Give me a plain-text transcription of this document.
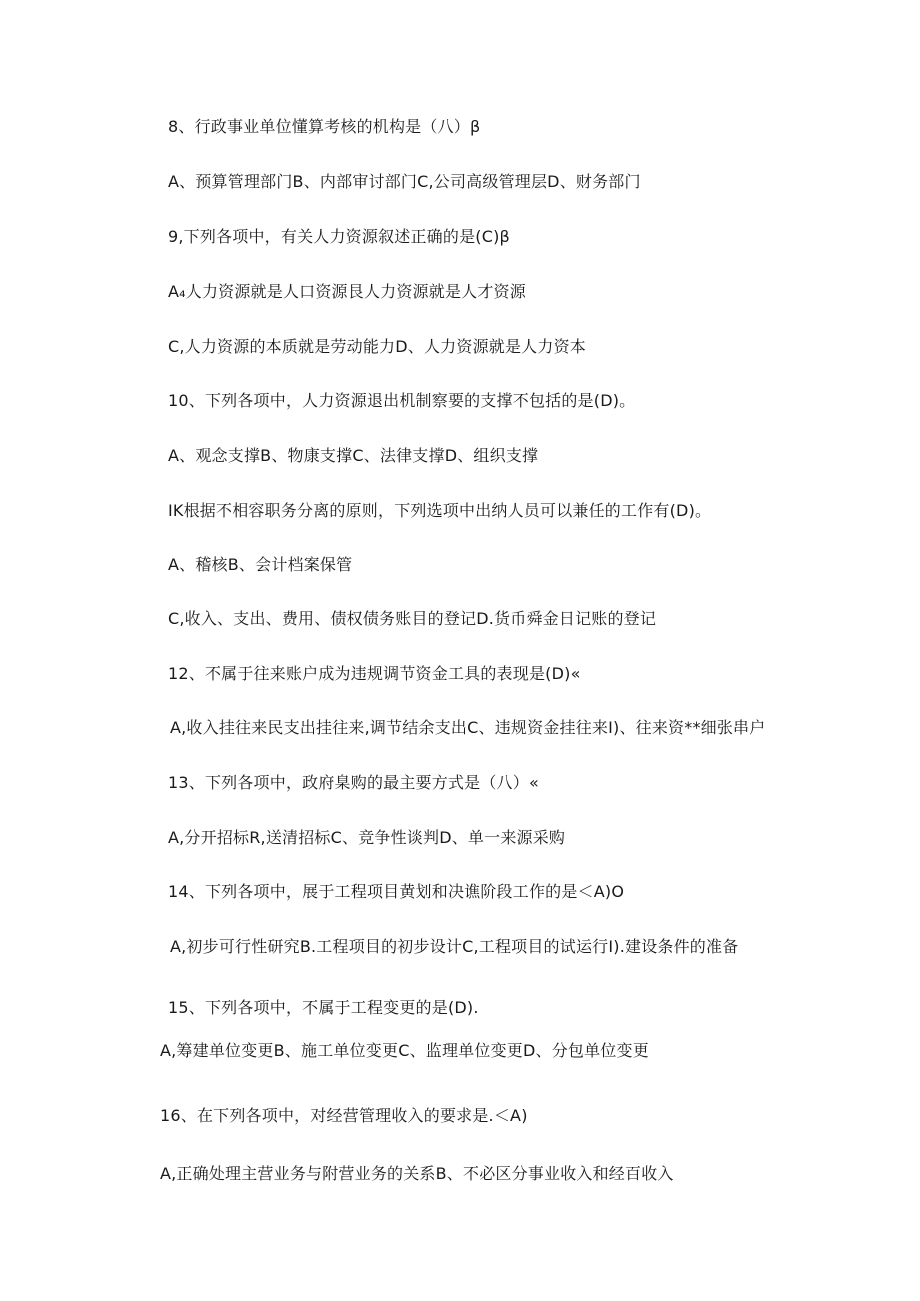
8、行政事业单位懂算考核的机构是（八）β
A、预算管理部门B、内部审讨部门C,公司高级管理层D、财务部门
9,下列各项中，有关人力资源叙述正确的是(C)β
A₄人力资源就是人口资源艮人力资源就是人才资源
C,人力资源的本质就是劳动能力D、人力资源就是人力资本
10、下列各项中，人力资源退出机制察要的支撑不包括的是(D)。
A、观念支撑B、物康支撑C、法律支撑D、组织支撑
IK根据不相容职务分离的原则，下列选项中出纳人员可以兼任的工作有(D)。
A、稽核B、会计档案保管
C,收入、支出、费用、债权债务账目的登记D.货币舜金日记账的登记
12、不属于往来账户成为违规调节资金工具的表现是(D)«
A,收入挂往来民支出挂往来,调节结余支出C、违规资金挂往来I)、往来资**细张串户
13、下列各项中，政府臬购的最主要方式是（八）«
A,分开招标R,送清招标C、竞争性谈判D、单一来源采购
14、下列各项中，展于工程项目黄划和决谯阶段工作的是＜A)O
A,初步可行性研究B.工程项目的初步设计C,工程项目的试运行I).建设条件的准备
15、下列各项中，不属于工程变更的是(D).
A,筹建单位变更B、施工单位变更C、监理单位变更D、分包单位变更
16、在下列各项中，对经营管理收入的要求是.＜A)
A,正确处理主营业务与附营业务的关系B、不必区分事业收入和经百收入
